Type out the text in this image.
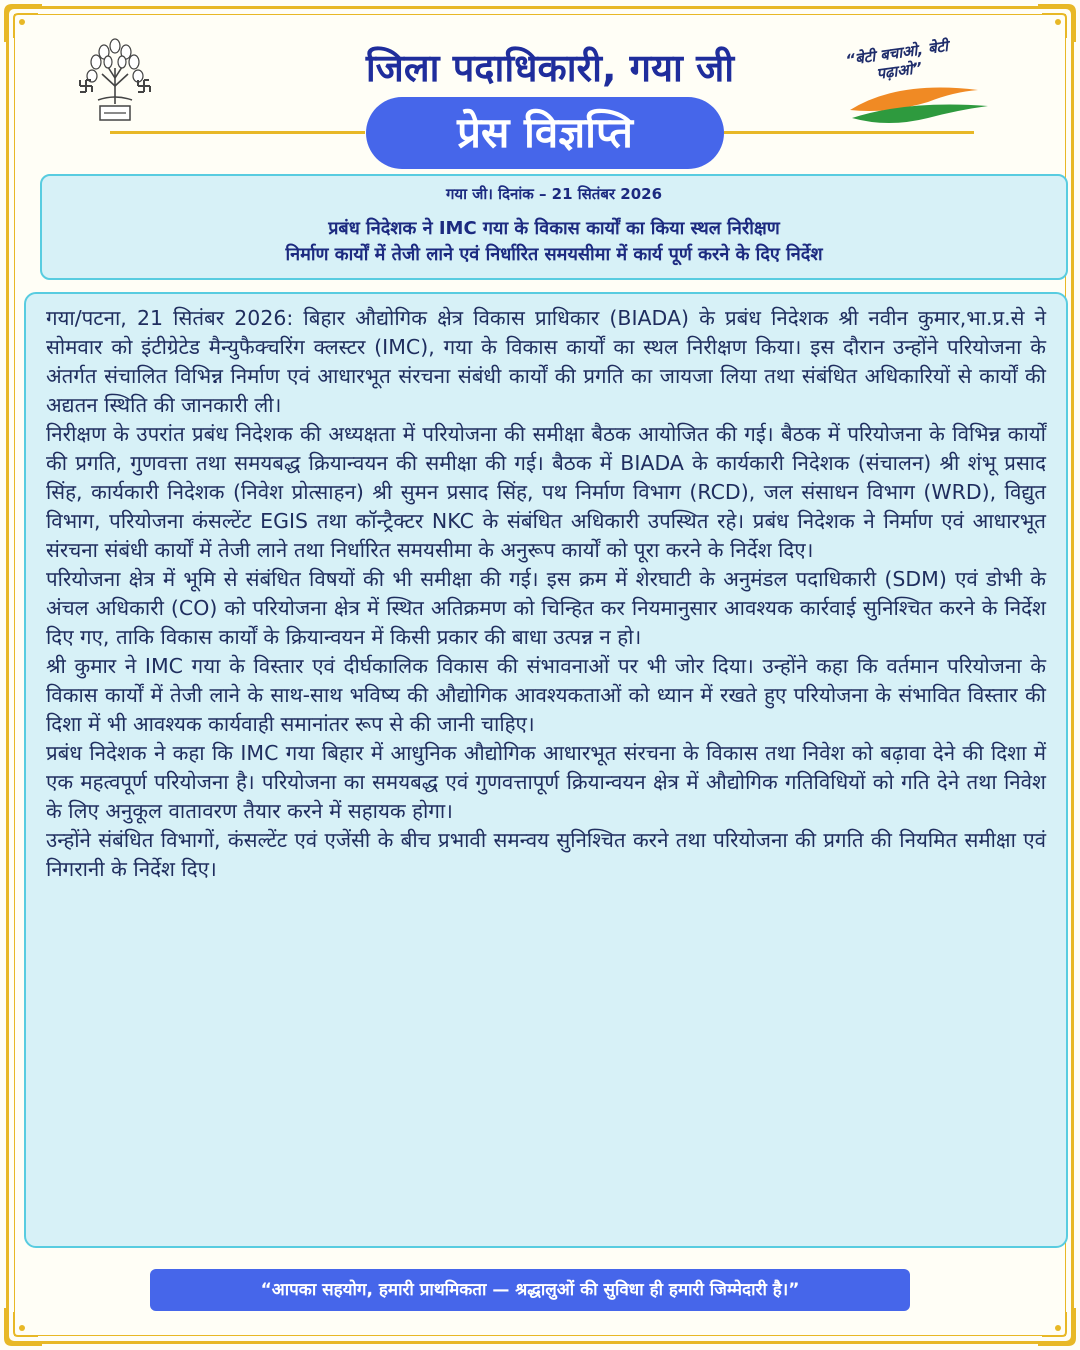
“बेटी बचाओ, बेटी पढ़ाओ”
जिला पदाधिकारी, गया जी
प्रेस विज्ञप्ति
गया जी। दिनांक – 21 सितंबर 2026
प्रबंध निदेशक ने IMC गया के विकास कार्यों का किया स्थल निरीक्षण
निर्माण कार्यों में तेजी लाने एवं निर्धारित समयसीमा में कार्य पूर्ण करने के दिए निर्देश

गया/पटना, 21 सितंबर 2026: बिहार औद्योगिक क्षेत्र विकास प्राधिकार (BIADA) के प्रबंध निदेशक श्री नवीन कुमार,भा.प्र.से ने सोमवार को इंटीग्रेटेड मैन्युफैक्चरिंग क्लस्टर (IMC), गया के विकास कार्यों का स्थल निरीक्षण किया। इस दौरान उन्होंने परियोजना के अंतर्गत संचालित विभिन्न निर्माण एवं आधारभूत संरचना संबंधी कार्यों की प्रगति का जायजा लिया तथा संबंधित अधिकारियों से कार्यों की अद्यतन स्थिति की जानकारी ली।

निरीक्षण के उपरांत प्रबंध निदेशक की अध्यक्षता में परियोजना की समीक्षा बैठक आयोजित की गई। बैठक में परियोजना के विभिन्न कार्यों की प्रगति, गुणवत्ता तथा समयबद्ध क्रियान्वयन की समीक्षा की गई। बैठक में BIADA के कार्यकारी निदेशक (संचालन) श्री शंभू प्रसाद सिंह, कार्यकारी निदेशक (निवेश प्रोत्साहन) श्री सुमन प्रसाद सिंह, पथ निर्माण विभाग (RCD), जल संसाधन विभाग (WRD), विद्युत विभाग, परियोजना कंसल्टेंट EGIS तथा कॉन्ट्रैक्टर NKC के संबंधित अधिकारी उपस्थित रहे। प्रबंध निदेशक ने निर्माण एवं आधारभूत संरचना संबंधी कार्यों में तेजी लाने तथा निर्धारित समयसीमा के अनुरूप कार्यों को पूरा करने के निर्देश दिए।

परियोजना क्षेत्र में भूमि से संबंधित विषयों की भी समीक्षा की गई। इस क्रम में शेरघाटी के अनुमंडल पदाधिकारी (SDM) एवं डोभी के अंचल अधिकारी (CO) को परियोजना क्षेत्र में स्थित अतिक्रमण को चिन्हित कर नियमानुसार आवश्यक कार्रवाई सुनिश्चित करने के निर्देश दिए गए, ताकि विकास कार्यों के क्रियान्वयन में किसी प्रकार की बाधा उत्पन्न न हो।

श्री कुमार ने IMC गया के विस्तार एवं दीर्घकालिक विकास की संभावनाओं पर भी जोर दिया। उन्होंने कहा कि वर्तमान परियोजना के विकास कार्यों में तेजी लाने के साथ-साथ भविष्य की औद्योगिक आवश्यकताओं को ध्यान में रखते हुए परियोजना के संभावित विस्तार की दिशा में भी आवश्यक कार्यवाही समानांतर रूप से की जानी चाहिए।

प्रबंध निदेशक ने कहा कि IMC गया बिहार में आधुनिक औद्योगिक आधारभूत संरचना के विकास तथा निवेश को बढ़ावा देने की दिशा में एक महत्वपूर्ण परियोजना है। परियोजना का समयबद्ध एवं गुणवत्तापूर्ण क्रियान्वयन क्षेत्र में औद्योगिक गतिविधियों को गति देने तथा निवेश के लिए अनुकूल वातावरण तैयार करने में सहायक होगा।

उन्होंने संबंधित विभागों, कंसल्टेंट एवं एजेंसी के बीच प्रभावी समन्वय सुनिश्चित करने तथा परियोजना की प्रगति की नियमित समीक्षा एवं निगरानी के निर्देश दिए।

“आपका सहयोग, हमारी प्राथमिकता — श्रद्धालुओं की सुविधा ही हमारी जिम्मेदारी है।”
